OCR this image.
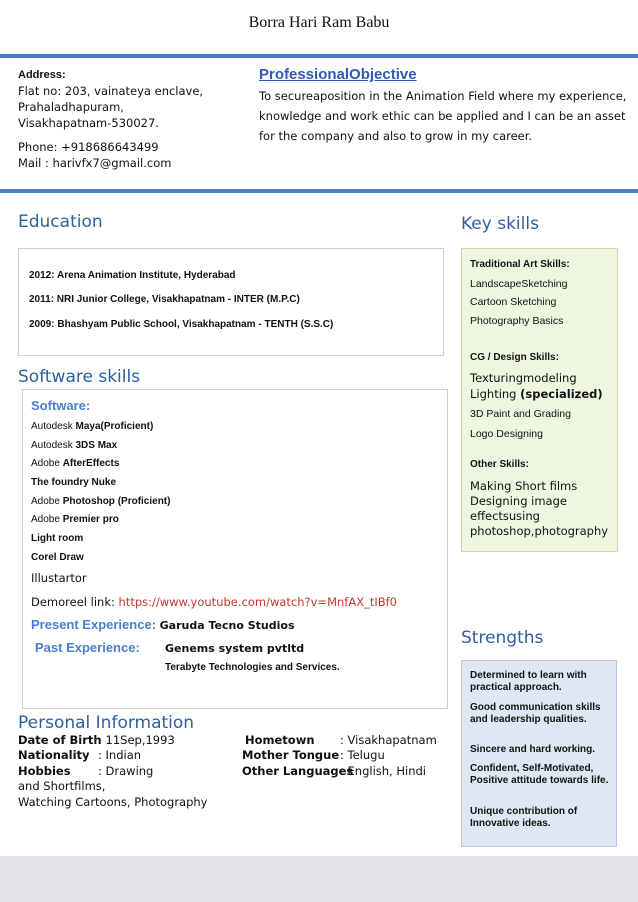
Borra Hari Ram Babu
Address:
Flat no: 203, vainateya enclave,
Prahaladhapuram,
Visakhapatnam-530027.

Phone: +918686643499
Mail : harivfx7@gmail.com
ProfessionalObjective
To secureaposition in the Animation Field where my experience, knowledge and work ethic can be applied and I can be an asset for the company and also to grow in my career.
Education
2012: Arena Animation Institute, Hyderabad
2011: NRI Junior College, Visakhapatnam - INTER (M.P.C)
2009: Bhashyam Public School, Visakhapatnam - TENTH (S.S.C)
Software skills
Software:
Autodesk Maya(Proficient)
Autodesk 3DS Max
Adobe AfterEffects
The foundry Nuke
Adobe Photoshop (Proficient)
Adobe Premier pro
Light room
Corel Draw
Illustartor
Demoreel link: https://www.youtube.com/watch?v=MnfAX_tIBf0
Present Experience: Garuda Tecno Studios
Past Experience: Genems system pvtltd
Terabyte Technologies and Services.
Key skills
Traditional Art Skills:
LandscapeSketching
Cartoon Sketching
Photography Basics
CG / Design Skills:
Texturingmodeling
Lighting (specialized)
3D Paint and Grading
Logo Designing
Other Skills:
Making Short films Designing image effectsusing photoshop,photography
Strengths
Determined to learn with practical approach.
Good communication skills and leadership qualities.
Sincere and hard working.
Confident, Self-Motivated, Positive attitude towards life.
Unique contribution of Innovative ideas.
Personal Information
Date of Birth
: 11Sep,1993
Nationality : Indian
Hobbies : Drawing
and Shortfilms,
Watching Cartoons, Photography
Hometown : Visakhapatnam
Mother Tongue : Telugu
Other Languages
: English, Hindi
